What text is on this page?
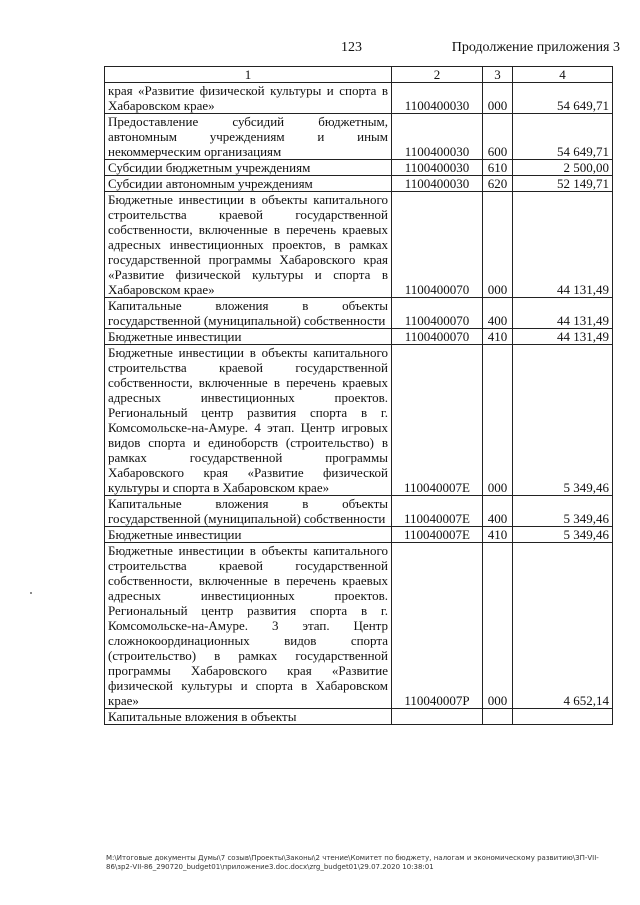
123	Продолжение приложения 3
1	2	3	4
края «Развитие физической культуры и спорта в Хабаровском крае»	1100400030	000	54 649,71
Предоставление субсидий бюджетным, автономным учреждениям и иным некоммерческим организациям	1100400030	600	54 649,71
Субсидии бюджетным учреждениям	1100400030	610	2 500,00
Субсидии автономным учреждениям	1100400030	620	52 149,71
Бюджетные инвестиции в объекты капитального строительства краевой государственной собственности, включенные в перечень краевых адресных инвестиционных проектов, в рамках государственной программы Хабаровского края «Развитие физической культуры и спорта в Хабаровском крае»	1100400070	000	44 131,49
Капитальные вложения в объекты государственной (муниципальной) собственности	1100400070	400	44 131,49
Бюджетные инвестиции	1100400070	410	44 131,49
Бюджетные инвестиции в объекты капитального строительства краевой государственной собственности, включенные в перечень краевых адресных инвестиционных проектов. Региональный центр развития спорта в г. Комсомольске-на-Амуре. 4 этап. Центр игровых видов спорта и единоборств (строительство) в рамках государственной программы Хабаровского края «Развитие физической культуры и спорта в Хабаровском крае»	110040007Е	000	5 349,46
Капитальные вложения в объекты государственной (муниципальной) собственности	110040007Е	400	5 349,46
Бюджетные инвестиции	110040007Е	410	5 349,46
Бюджетные инвестиции в объекты капитального строительства краевой государственной собственности, включенные в перечень краевых адресных инвестиционных проектов. Региональный центр развития спорта в г. Комсомольске-на-Амуре. 3 этап. Центр сложнокоординационных видов спорта (строительство) в рамках государственной программы Хабаровского края «Развитие физической культуры и спорта в Хабаровском крае»	110040007Р	000	4 652,14
Капитальные вложения в объекты			
M:\Итоговые документы Думы\7 созыв\Проекты\Законы\2 чтение\Комитет по бюджету, налогам и экономическому развитию\ЗП-VII-86\зр2-VII-86_290720_budget01\приложение3.doc.docx\zrg_budget01\29.07.2020 10:38:01
